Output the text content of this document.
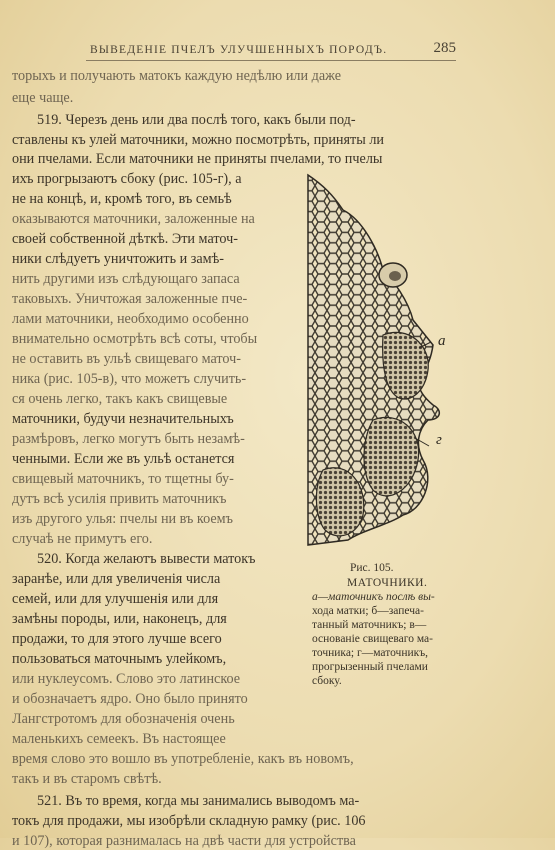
ВЫВЕДЕНІЕ ПЧЕЛЪ УЛУЧШЕННЫХЪ ПОРОДЪ.	285
торыхъ и получають матокъ каждую недѣлю или даже
еще чаще.
519. Черезъ день или два послѣ того, какъ были под-
ставлены къ улей маточники, можно посмотрѣть, приняты ли
они пчелами. Если маточники не приняты пчелами, то пчелы
ихъ прогрызаютъ сбоку (рис. 105-г), а
не на концѣ, и, кромѣ того, въ семьѣ
оказываются маточники, заложенные на
своей собственной дѣткѣ. Эти маточ-
ники слѣдуетъ уничтожить и замѣ-
нить другими изъ слѣдующаго запаса
таковыхъ. Уничтожая заложенные пче-
лами маточники, необходимо особенно
внимательно осмотрѣть всѣ соты, чтобы
не оставить въ ульѣ свищеваго маточ-
ника (рис. 105-в), что можетъ случить-
ся очень легко, такъ какъ свищевые
маточники, будучи незначительныхъ
размѣровъ, легко могутъ быть незамѣ-
ченными. Если же въ ульѣ останется
свищевый маточникъ, то тщетны бу-
дутъ всѣ усилія привить маточникъ
изъ другого улья: пчелы ни въ коемъ
случаѣ не примутъ его.
520. Когда желаютъ вывести матокъ
заранѣе, или для увеличенія числа
семей, или для улучшенія или для
замѣны породы, или, наконецъ, для
продажи, то для этого лучше всего
пользоваться маточнымъ улейкомъ,
или нуклеусомъ. Слово это латинское
и обозначаетъ ядро. Оно было принято
Лангстротомъ для обозначенія очень
маленькихъ семеекъ. Въ настоящее
время слово это вошло въ употребленіе, какъ въ новомъ,
такъ и въ старомъ свѣтѣ.
521. Въ то время, когда мы занимались выводомъ ма-
токъ для продажи, мы изобрѣли складную рамку (рис. 106
и 107), которая разнималась на двѣ части для устройства
а
г
Рис. 105.
МАТОЧНИКИ.
а—маточникъ послѣ вы-
хода матки; б—запеча-
танный маточникъ; в—
основаніе свищеваго ма-
точника; г—маточникъ,
прогрызенный пчелами
сбоку.
